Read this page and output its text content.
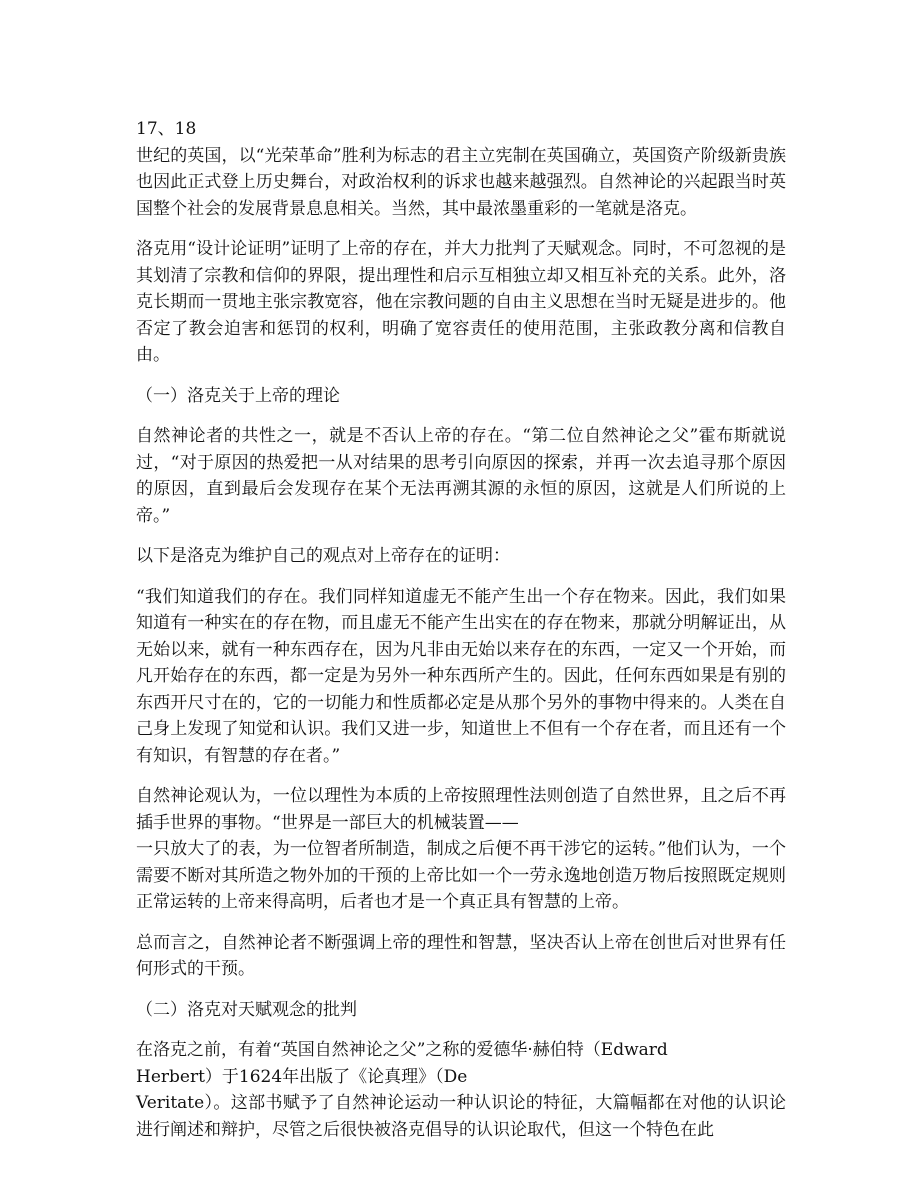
17、18

世纪的英国，以“光荣革命”胜利为标志的君主立宪制在英国确立，英国资产阶级新贵族也因此正式登上历史舞台，对政治权利的诉求也越来越强烈。自然神论的兴起跟当时英国整个社会的发展背景息息相关。当然，其中最浓墨重彩的一笔就是洛克。

洛克用“设计论证明”证明了上帝的存在，并大力批判了天赋观念。同时，不可忽视的是其划清了宗教和信仰的界限，提出理性和启示互相独立却又相互补充的关系。此外，洛克长期而一贯地主张宗教宽容，他在宗教问题的自由主义思想在当时无疑是进步的。他否定了教会迫害和惩罚的权利，明确了宽容责任的使用范围，主张政教分离和信教自由。

（一）洛克关于上帝的理论

自然神论者的共性之一，就是不否认上帝的存在。“第二位自然神论之父”霍布斯就说过，“对于原因的热爱把一从对结果的思考引向原因的探索，并再一次去追寻那个原因的原因，直到最后会发现存在某个无法再溯其源的永恒的原因，这就是人们所说的上帝。”

以下是洛克为维护自己的观点对上帝存在的证明：

“我们知道我们的存在。我们同样知道虚无不能产生出一个存在物来。因此，我们如果知道有一种实在的存在物，而且虚无不能产生出实在的存在物来，那就分明解证出，从无始以来，就有一种东西存在，因为凡非由无始以来存在的东西，一定又一个开始，而凡开始存在的东西，都一定是为另外一种东西所产生的。因此，任何东西如果是有别的东西开尺寸在的，它的一切能力和性质都必定是从那个另外的事物中得来的。人类在自己身上发现了知觉和认识。我们又进一步，知道世上不但有一个存在者，而且还有一个有知识，有智慧的存在者。”

自然神论观认为，一位以理性为本质的上帝按照理性法则创造了自然世界，且之后不再插手世界的事物。“世界是一部巨大的机械装置——

一只放大了的表，为一位智者所制造，制成之后便不再干涉它的运转。”他们认为，一个需要不断对其所造之物外加的干预的上帝比如一个一劳永逸地创造万物后按照既定规则正常运转的上帝来得高明，后者也才是一个真正具有智慧的上帝。

总而言之，自然神论者不断强调上帝的理性和智慧，坚决否认上帝在创世后对世界有任何形式的干预。

（二）洛克对天赋观念的批判

在洛克之前，有着“英国自然神论之父”之称的爱德华·赫伯特（Edward

Herbert）于1624年出版了《论真理》（De

Veritate）。这部书赋予了自然神论运动一种认识论的特征，大篇幅都在对他的认识论进行阐述和辩护，尽管之后很快被洛克倡导的认识论取代，但这一个特色在此
